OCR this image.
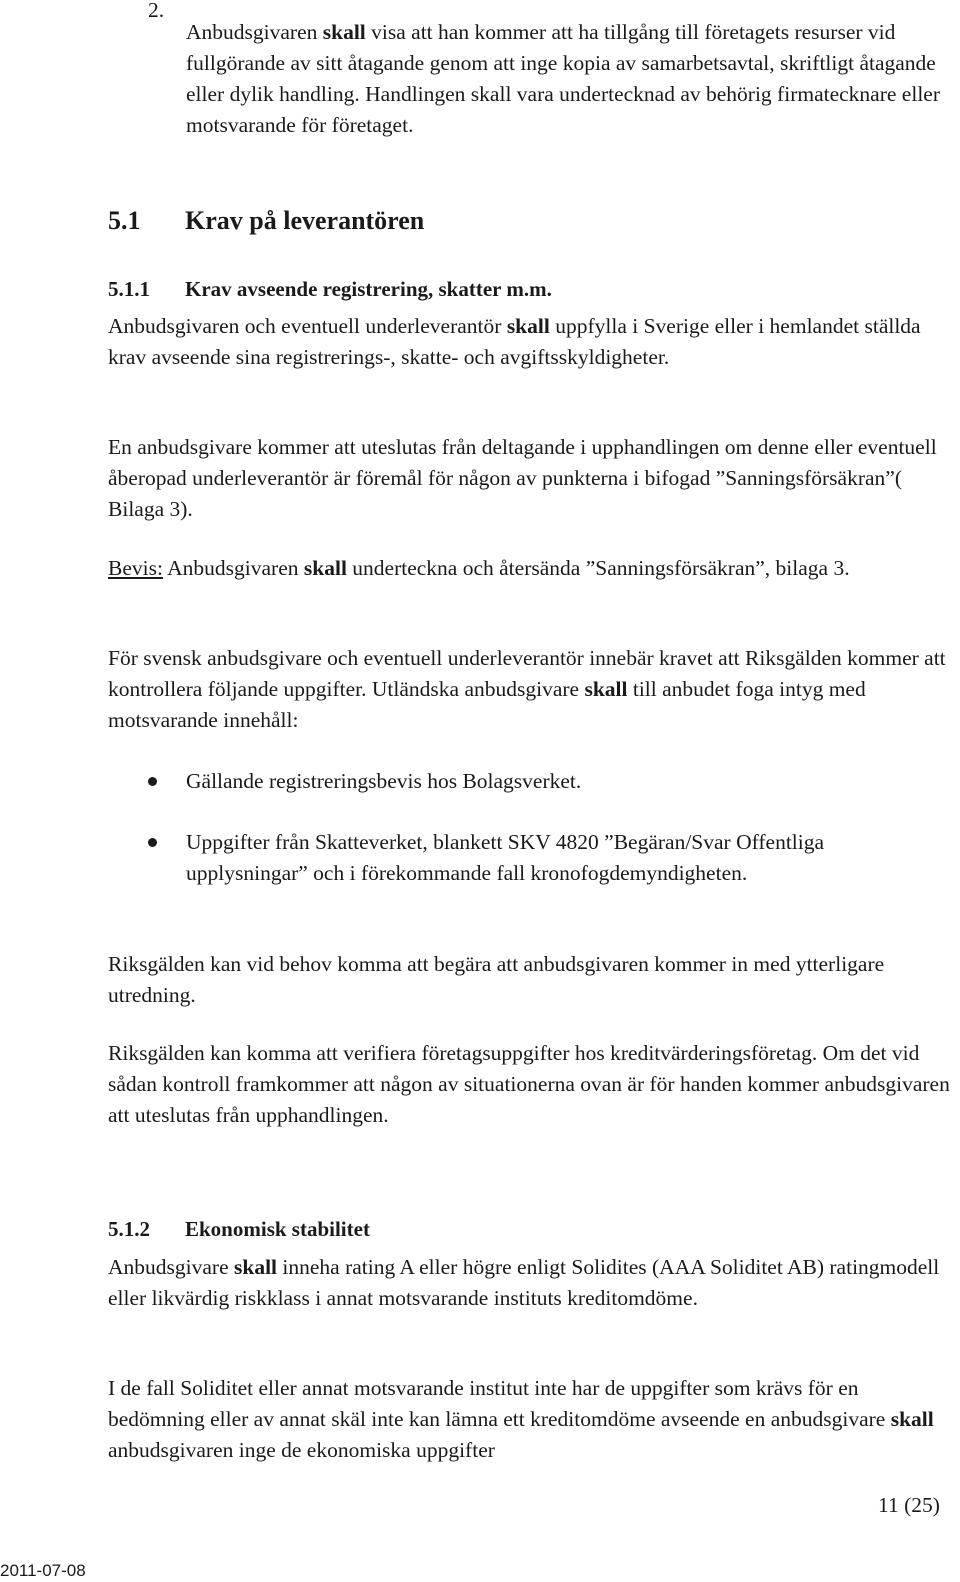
2.

Anbudsgivaren skall visa att han kommer att ha tillgång till företagets resurser vid fullgörande av sitt åtagande genom att inge kopia av samarbetsavtal, skriftligt åtagande eller dylik handling. Handlingen skall vara undertecknad av behörig firmatecknare eller motsvarande för företaget.

5.1 Krav på leverantören
5.1.1 Krav avseende registrering, skatter m.m.

Anbudsgivaren och eventuell underleverantör skall uppfylla i Sverige eller i hemlandet ställda krav avseende sina registrerings-, skatte- och avgiftsskyldigheter.

En anbudsgivare kommer att uteslutas från deltagande i upphandlingen om denne eller eventuell åberopad underleverantör är föremål för någon av punkterna i bifogad ”Sanningsförsäkran”( Bilaga 3).

Bevis: Anbudsgivaren skall underteckna och återsända ”Sanningsförsäkran”, bilaga 3.

För svensk anbudsgivare och eventuell underleverantör innebär kravet att Riksgälden kommer att kontrollera följande uppgifter. Utländska anbudsgivare skall till anbudet foga intyg med motsvarande innehåll:

Gällande registreringsbevis hos Bolagsverket.
Uppgifter från Skatteverket, blankett SKV 4820 ”Begäran/Svar Offentliga upplysningar” och i förekommande fall kronofogdemyndigheten.

Riksgälden kan vid behov komma att begära att anbudsgivaren kommer in med ytterligare utredning.

Riksgälden kan komma att verifiera företagsuppgifter hos kreditvärderingsföretag. Om det vid sådan kontroll framkommer att någon av situationerna ovan är för handen kommer anbudsgivaren att uteslutas från upphandlingen.

5.1.2 Ekonomisk stabilitet

Anbudsgivare skall inneha rating A eller högre enligt Solidites (AAA Soliditet AB) ratingmodell eller likvärdig riskklass i annat motsvarande instituts kreditomdöme.

I de fall Soliditet eller annat motsvarande institut inte har de uppgifter som krävs för en bedömning eller av annat skäl inte kan lämna ett kreditomdöme avseende en anbudsgivare skall anbudsgivaren inge de ekonomiska uppgifter

11 (25)
2011-07-08
